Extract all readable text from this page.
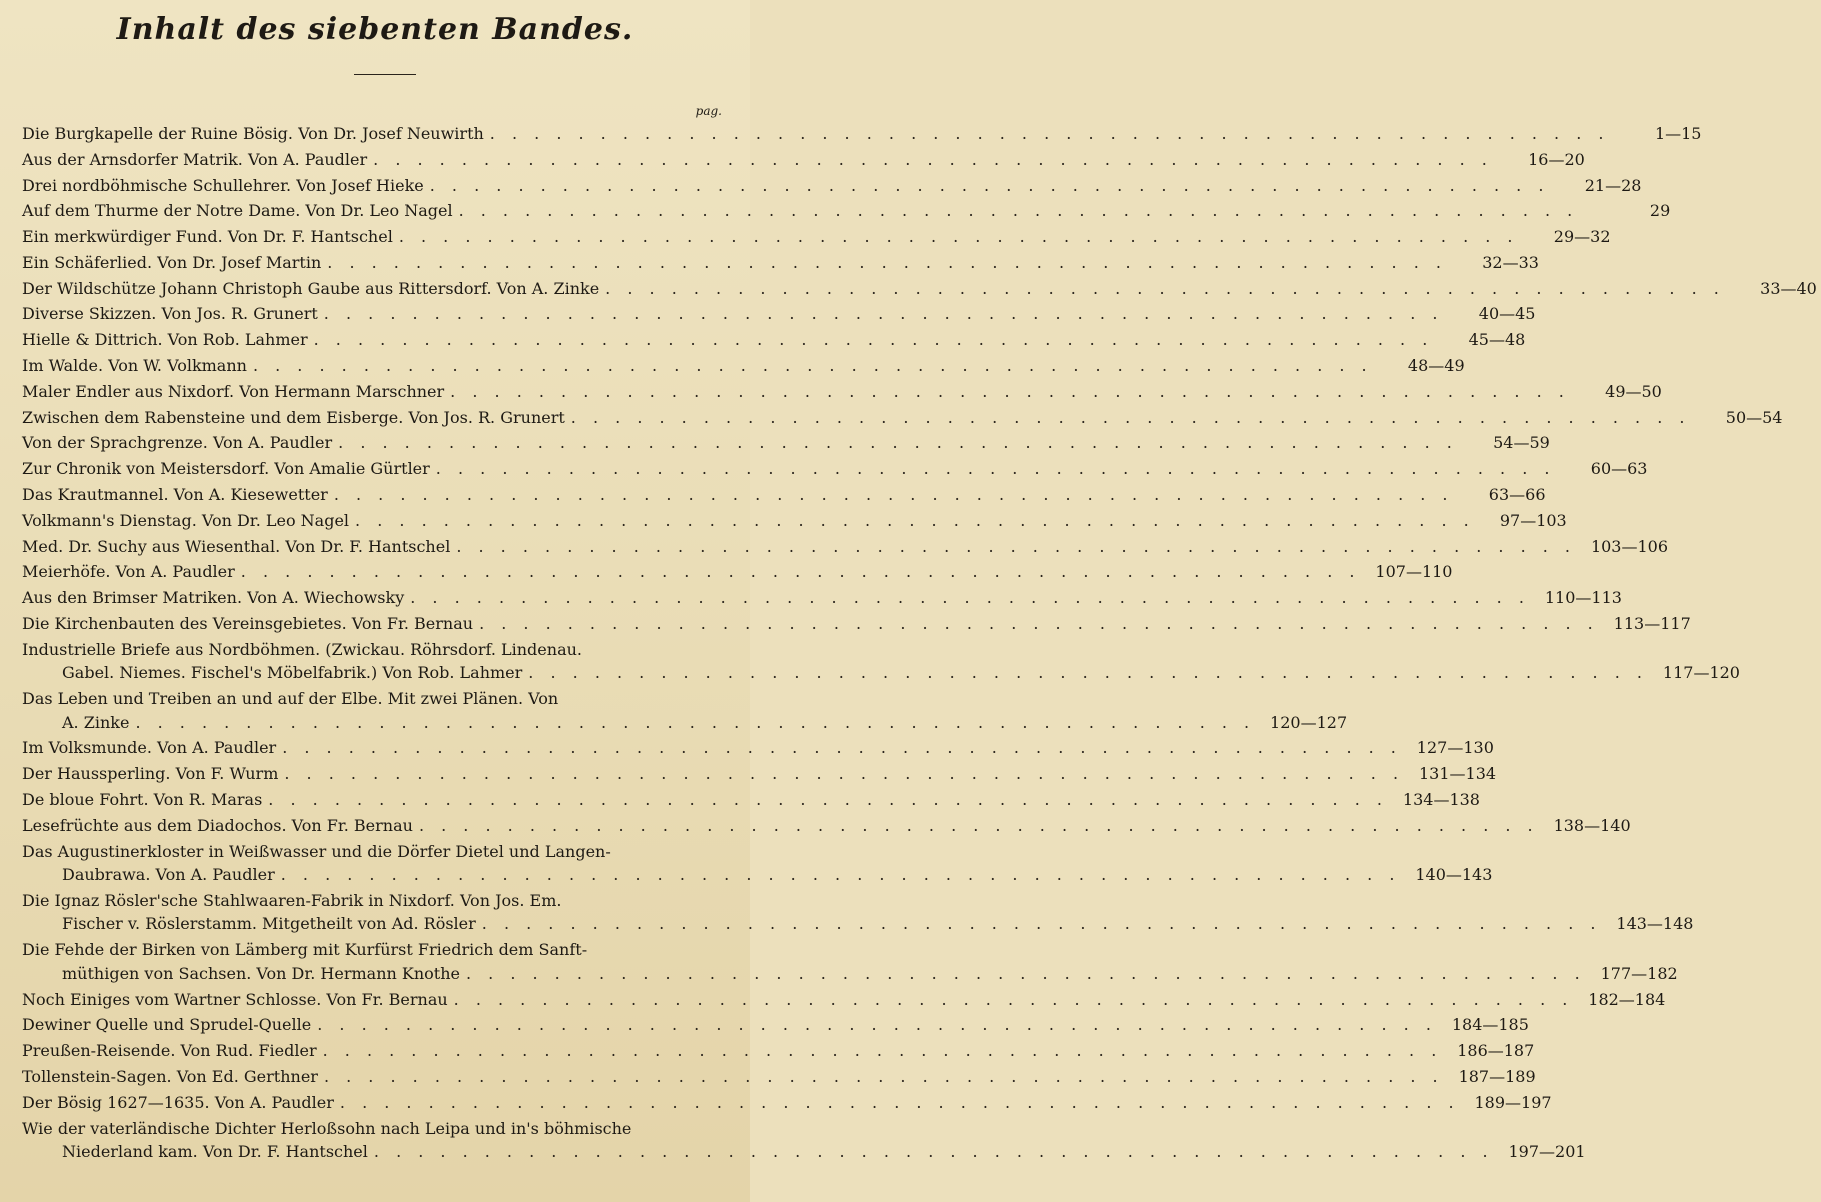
Inhalt des siebenten Bandes.
pag.
Die Burgkapelle der Ruine Bösig. Von Dr. Josef Neuwirth . . . . . . . . . . . . . . . . . . . . . . . . . . . . . . . . . . . . . . . . . . . . . . . . . . .	1—15
Aus der Arnsdorfer Matrik. Von A. Paudler . . . . . . . . . . . . . . . . . . . . . . . . . . . . . . . . . . . . . . . . . . . . . . . . . . .	16—20
Drei nordböhmische Schullehrer. Von Josef Hieke . . . . . . . . . . . . . . . . . . . . . . . . . . . . . . . . . . . . . . . . . . . . . . . . . . .	21—28
Auf dem Thurme der Notre Dame. Von Dr. Leo Nagel . . . . . . . . . . . . . . . . . . . . . . . . . . . . . . . . . . . . . . . . . . . . . . . . . . .	29
Ein merkwürdiger Fund. Von Dr. F. Hantschel . . . . . . . . . . . . . . . . . . . . . . . . . . . . . . . . . . . . . . . . . . . . . . . . . . .	29—32
Ein Schäferlied. Von Dr. Josef Martin . . . . . . . . . . . . . . . . . . . . . . . . . . . . . . . . . . . . . . . . . . . . . . . . . . .	32—33
Der Wildschütze Johann Christoph Gaube aus Rittersdorf. Von A. Zinke . . . . . . . . . . . . . . . . . . . . . . . . . . . . . . . . . . . . . . . . . . . . . . . . . . .	33—40
Diverse Skizzen. Von Jos. R. Grunert . . . . . . . . . . . . . . . . . . . . . . . . . . . . . . . . . . . . . . . . . . . . . . . . . . .	40—45
Hielle & Dittrich. Von Rob. Lahmer . . . . . . . . . . . . . . . . . . . . . . . . . . . . . . . . . . . . . . . . . . . . . . . . . . .	45—48
Im Walde. Von W. Volkmann . . . . . . . . . . . . . . . . . . . . . . . . . . . . . . . . . . . . . . . . . . . . . . . . . . .	48—49
Maler Endler aus Nixdorf. Von Hermann Marschner . . . . . . . . . . . . . . . . . . . . . . . . . . . . . . . . . . . . . . . . . . . . . . . . . . .	49—50
Zwischen dem Rabensteine und dem Eisberge. Von Jos. R. Grunert . . . . . . . . . . . . . . . . . . . . . . . . . . . . . . . . . . . . . . . . . . . . . . . . . . .	50—54
Von der Sprachgrenze. Von A. Paudler . . . . . . . . . . . . . . . . . . . . . . . . . . . . . . . . . . . . . . . . . . . . . . . . . . .	54—59
Zur Chronik von Meistersdorf. Von Amalie Gürtler . . . . . . . . . . . . . . . . . . . . . . . . . . . . . . . . . . . . . . . . . . . . . . . . . . .	60—63
Das Krautmannel. Von A. Kiesewetter . . . . . . . . . . . . . . . . . . . . . . . . . . . . . . . . . . . . . . . . . . . . . . . . . . .	63—66
Volkmann's Dienstag. Von Dr. Leo Nagel . . . . . . . . . . . . . . . . . . . . . . . . . . . . . . . . . . . . . . . . . . . . . . . . . . .	97—103
Med. Dr. Suchy aus Wiesenthal. Von Dr. F. Hantschel . . . . . . . . . . . . . . . . . . . . . . . . . . . . . . . . . . . . . . . . . . . . . . . . . . . 103—106
Meierhöfe. Von A. Paudler . . . . . . . . . . . . . . . . . . . . . . . . . . . . . . . . . . . . . . . . . . . . . . . . . . . 107—110
Aus den Brimser Matriken. Von A. Wiechowsky . . . . . . . . . . . . . . . . . . . . . . . . . . . . . . . . . . . . . . . . . . . . . . . . . . . 110—113
Die Kirchenbauten des Vereinsgebietes. Von Fr. Bernau . . . . . . . . . . . . . . . . . . . . . . . . . . . . . . . . . . . . . . . . . . . . . . . . . . . 113—117
Industrielle Briefe aus Nordböhmen. (Zwickau. Röhrsdorf. Lindenau.
Gabel. Niemes. Fischel's Möbelfabrik.) Von Rob. Lahmer . . . . . . . . . . . . . . . . . . . . . . . . . . . . . . . . . . . . . . . . . . . . . . . . . . . 117—120
Das Leben und Treiben an und auf der Elbe. Mit zwei Plänen. Von
A. Zinke . . . . . . . . . . . . . . . . . . . . . . . . . . . . . . . . . . . . . . . . . . . . . . . . . . . 120—127
Im Volksmunde. Von A. Paudler . . . . . . . . . . . . . . . . . . . . . . . . . . . . . . . . . . . . . . . . . . . . . . . . . . . 127—130
Der Haussperling. Von F. Wurm . . . . . . . . . . . . . . . . . . . . . . . . . . . . . . . . . . . . . . . . . . . . . . . . . . . 131—134
De bloue Fohrt. Von R. Maras . . . . . . . . . . . . . . . . . . . . . . . . . . . . . . . . . . . . . . . . . . . . . . . . . . . 134—138
Lesefrüchte aus dem Diadochos. Von Fr. Bernau . . . . . . . . . . . . . . . . . . . . . . . . . . . . . . . . . . . . . . . . . . . . . . . . . . . 138—140
Das Augustinerkloster in Weißwasser und die Dörfer Dietel und Langen-
Daubrawa. Von A. Paudler . . . . . . . . . . . . . . . . . . . . . . . . . . . . . . . . . . . . . . . . . . . . . . . . . . . 140—143
Die Ignaz Rösler'sche Stahlwaaren-Fabrik in Nixdorf. Von Jos. Em.
Fischer v. Röslerstamm. Mitgetheilt von Ad. Rösler . . . . . . . . . . . . . . . . . . . . . . . . . . . . . . . . . . . . . . . . . . . . . . . . . . . 143—148
Die Fehde der Birken von Lämberg mit Kurfürst Friedrich dem Sanft-
müthigen von Sachsen. Von Dr. Hermann Knothe . . . . . . . . . . . . . . . . . . . . . . . . . . . . . . . . . . . . . . . . . . . . . . . . . . . 177—182
Noch Einiges vom Wartner Schlosse. Von Fr. Bernau . . . . . . . . . . . . . . . . . . . . . . . . . . . . . . . . . . . . . . . . . . . . . . . . . . . 182—184
Dewiner Quelle und Sprudel-Quelle . . . . . . . . . . . . . . . . . . . . . . . . . . . . . . . . . . . . . . . . . . . . . . . . . . . 184—185
Preußen-Reisende. Von Rud. Fiedler . . . . . . . . . . . . . . . . . . . . . . . . . . . . . . . . . . . . . . . . . . . . . . . . . . . 186—187
Tollenstein-Sagen. Von Ed. Gerthner . . . . . . . . . . . . . . . . . . . . . . . . . . . . . . . . . . . . . . . . . . . . . . . . . . . 187—189
Der Bösig 1627—1635. Von A. Paudler . . . . . . . . . . . . . . . . . . . . . . . . . . . . . . . . . . . . . . . . . . . . . . . . . . . 189—197
Wie der vaterländische Dichter Herloßsohn nach Leipa und in's böhmische
Niederland kam. Von Dr. F. Hantschel . . . . . . . . . . . . . . . . . . . . . . . . . . . . . . . . . . . . . . . . . . . . . . . . . . . 197—201
